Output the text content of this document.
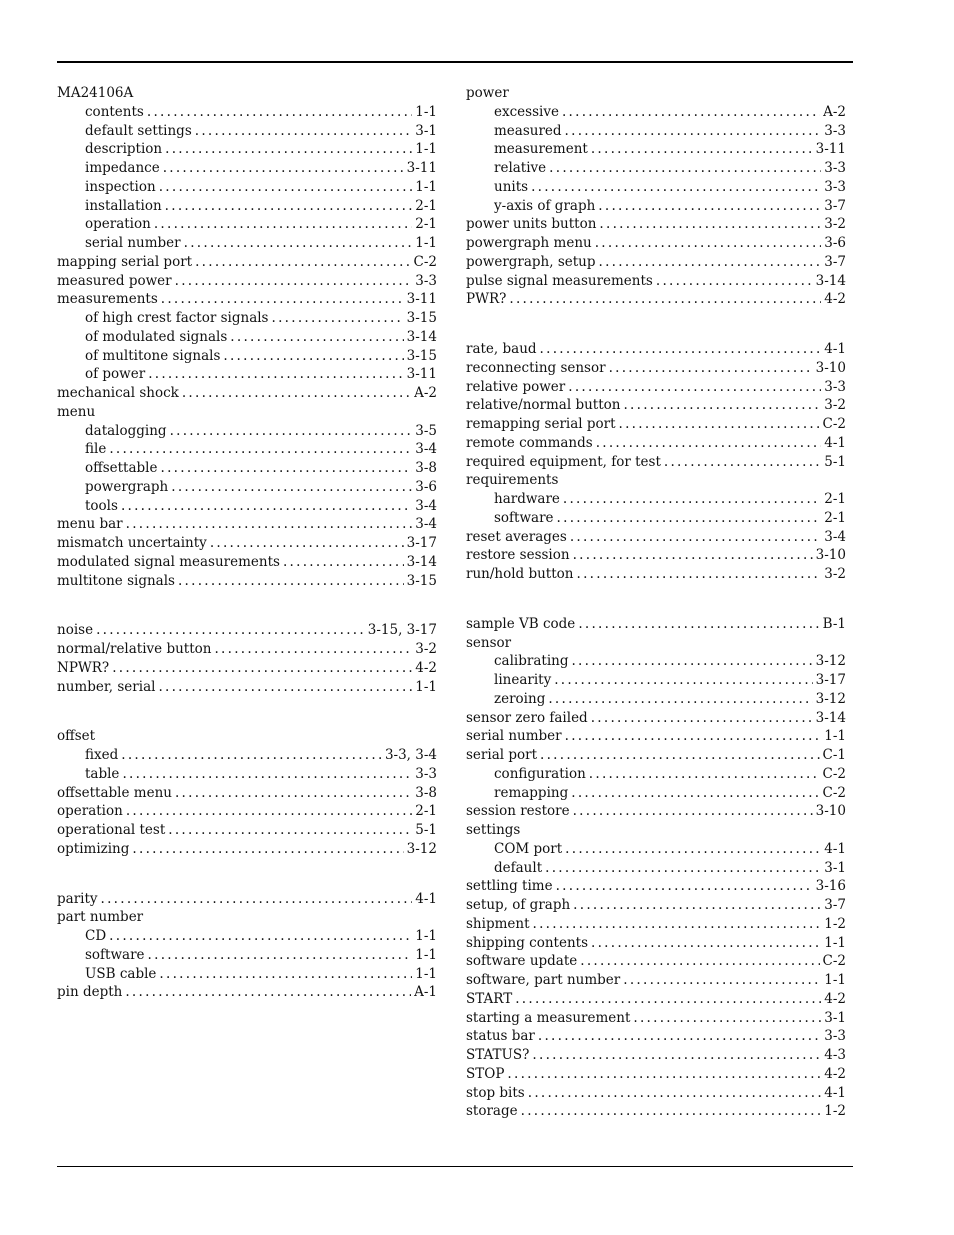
MA24106A
contents . . .	1-1
default settings . . .	3-1
description . . .	1-1
impedance . . .	3-11
inspection . . .	1-1
installation . . .	2-1
operation . . .	2-1
serial number . . .	1-1
mapping serial port . . .	C-2
measured power . . .	3-3
measurements . . .	3-11
of high crest factor signals . . .	3-15
of modulated signals . . .	3-14
of multitone signals . . .	3-15
of power . . .	3-11
mechanical shock . . .	A-2
menu
datalogging . . .	3-5
file . . .	3-4
offsettable . . .	3-8
powergraph . . .	3-6
tools . . .	3-4
menu bar . . .	3-4
mismatch uncertainty . . .	3-17
modulated signal measurements . . .	3-14
multitone signals . . .	3-15
noise . . .	3-15, 3-17
normal/relative button . . .	3-2
NPWR? . . .	4-2
number, serial . . .	1-1
offset
fixed . . .	3-3, 3-4
table . . .	3-3
offsettable menu . . .	3-8
operation . . .	2-1
operational test . . .	5-1
optimizing . . .	3-12
parity . . .	4-1
part number
CD . . .	1-1
software . . .	1-1
USB cable . . .	1-1
pin depth . . .	A-1
power
excessive . . .	A-2
measured . . .	3-3
measurement . . .	3-11
relative . . .	3-3
units . . .	3-3
y-axis of graph . . .	3-7
power units button . . .	3-2
powergraph menu . . .	3-6
powergraph, setup . . .	3-7
pulse signal measurements . . .	3-14
PWR? . . .	4-2
rate, baud . . .	4-1
reconnecting sensor . . .	3-10
relative power . . .	3-3
relative/normal button . . .	3-2
remapping serial port . . .	C-2
remote commands . . .	4-1
required equipment, for test . . .	5-1
requirements
hardware . . .	2-1
software . . .	2-1
reset averages . . .	3-4
restore session . . .	3-10
run/hold button . . .	3-2
sample VB code . . .	B-1
sensor
calibrating . . .	3-12
linearity . . .	3-17
zeroing . . .	3-12
sensor zero failed . . .	3-14
serial number . . .	1-1
serial port . . .	C-1
configuration . . .	C-2
remapping . . .	C-2
session restore . . .	3-10
settings
COM port . . .	4-1
default . . .	3-1
settling time . . .	3-16
setup, of graph . . .	3-7
shipment . . .	1-2
shipping contents . . .	1-1
software update . . .	C-2
software, part number . . .	1-1
START . . .	4-2
starting a measurement . . .	3-1
status bar . . .	3-3
STATUS? . . .	4-3
STOP . . .	4-2
stop bits . . .	4-1
storage . . .	1-2
